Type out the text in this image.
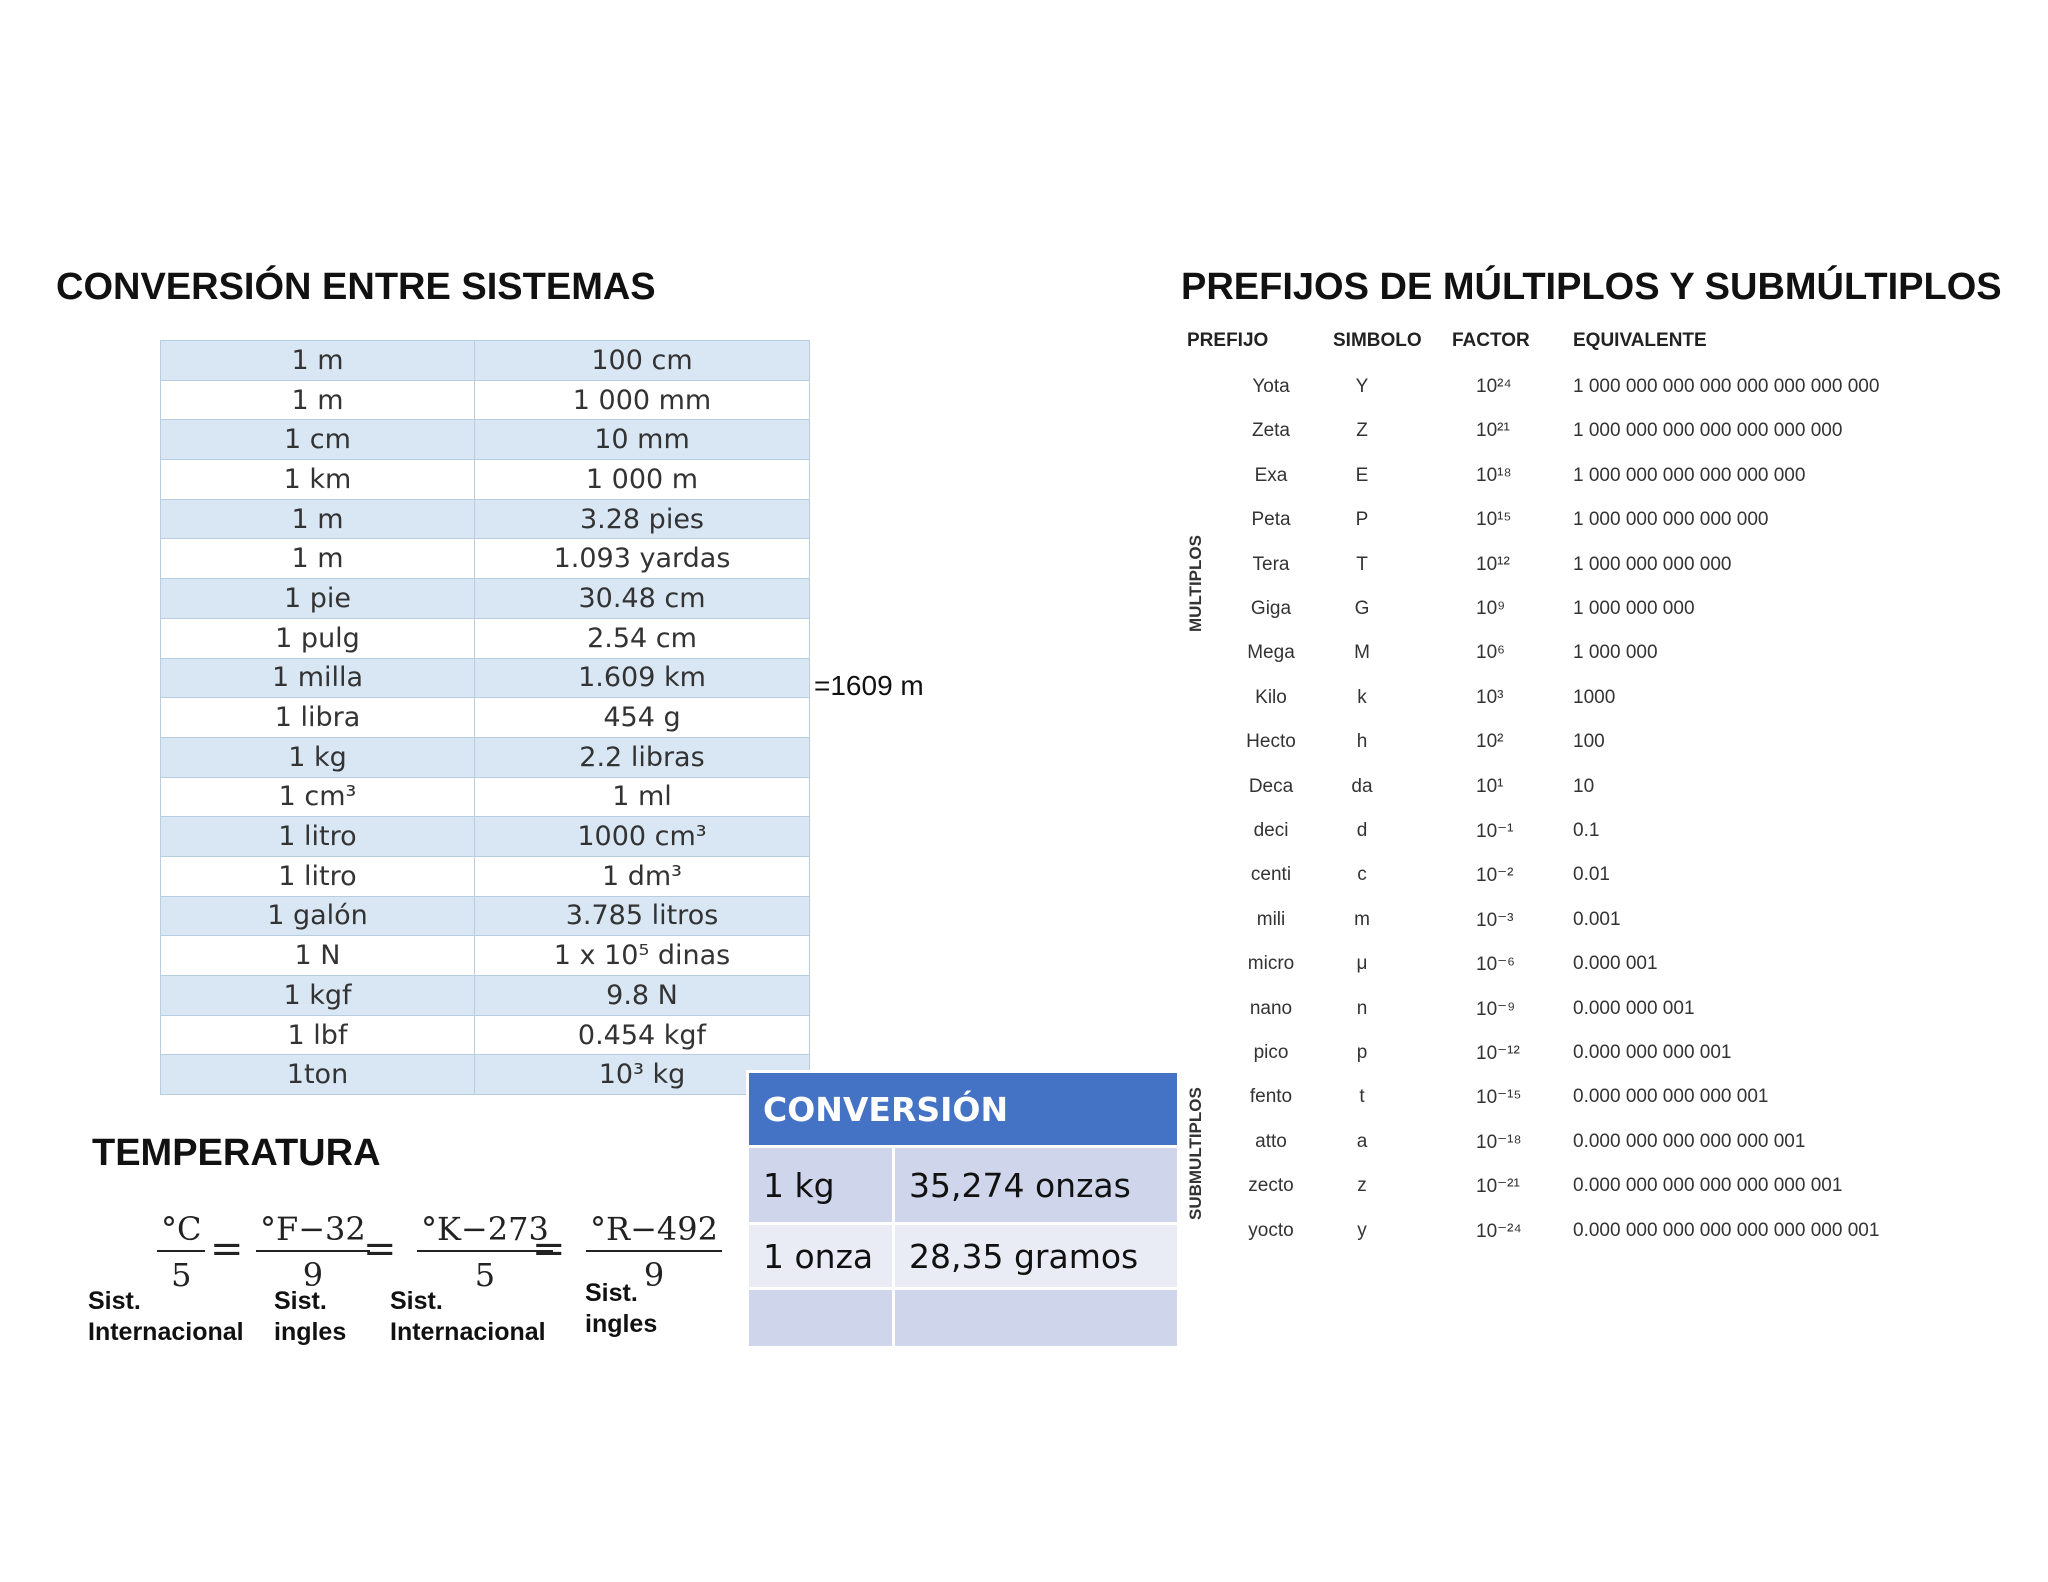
CONVERSIÓN ENTRE SISTEMAS	PREFIJOS DE MÚLTIPLOS Y SUBMÚLTIPLOS
1 m	100 cm
1 m	1 000 mm
1 cm	10 mm
1 km	1 000 m
1 m	3.28 pies
1 m	1.093 yardas
1 pie	30.48 cm
1 pulg	2.54 cm
1 milla	1.609 km
1 libra	454 g
1 kg	2.2 libras
1 cm³	1 ml
1 litro	1000 cm³
1 litro	1 dm³
1 galón	3.785 litros
1 N	1 x 10⁵ dinas
1 kgf	9.8 N
1 lbf	0.454 kgf
1ton	10³ kg
=1609 m
TEMPERATURA
°C
5
= °F−32
9
= °K−273
5
= °R−492
9
Sist.
Internacional
Sist.
ingles
Sist.
Internacional
Sist.
ingles
CONVERSIÓN	
1 kg	35,274 onzas
1 onza	28,35 gramos

PREFIJO	SIMBOLO FACTOR EQUIVALENTE
MULTIPLOS
SUBMULTIPLOS
Yota	Y	10²⁴	1 000 000 000 000 000 000 000 000
Zeta	Z	10²¹	1 000 000 000 000 000 000 000
Exa	E	10¹⁸	1 000 000 000 000 000 000
Peta	P	10¹⁵	1 000 000 000 000 000
Tera	T	10¹²	1 000 000 000 000
Giga	G	10⁹	1 000 000 000
Mega	M	10⁶	1 000 000
Kilo	k	10³	1000
Hecto	h	10²	100
Deca	da	10¹	10
deci	d	10⁻¹	0.1
centi	c	10⁻²	0.01
mili	m	10⁻³	0.001
micro	μ	10⁻⁶	0.000 001
nano	n	10⁻⁹	0.000 000 001
pico	p	10⁻¹²	0.000 000 000 001
fento	t	10⁻¹⁵	0.000 000 000 000 001
atto	a	10⁻¹⁸	0.000 000 000 000 000 001
zecto	z	10⁻²¹	0.000 000 000 000 000 000 001
yocto	y	10⁻²⁴	0.000 000 000 000 000 000 000 001
